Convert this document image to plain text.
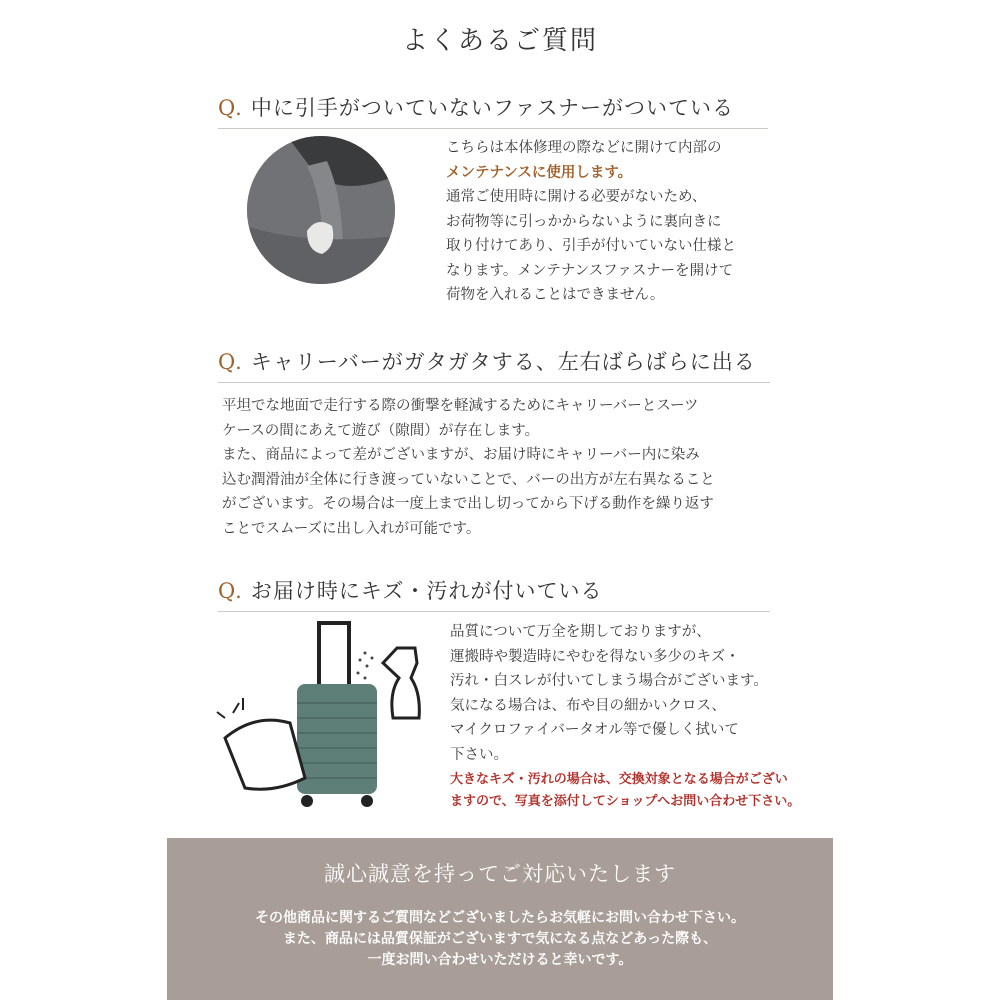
よくあるご質問
Q. 中に引手がついていないファスナーがついている
こちらは本体修理の際などに開けて内部の
メンテナンスに使用します。
通常ご使用時に開ける必要がないため、
お荷物等に引っかからないように裏向きに
取り付けてあり、引手が付いていない仕様と
なります。メンテナンスファスナーを開けて
荷物を入れることはできません。
Q. キャリーバーがガタガタする、左右ばらばらに出る
平坦でな地面で走行する際の衝撃を軽減するためにキャリーバーとスーツ
ケースの間にあえて遊び（隙間）が存在します。
また、商品によって差がございますが、お届け時にキャリーバー内に染み
込む潤滑油が全体に行き渡っていないことで、バーの出方が左右異なること
がございます。その場合は一度上まで出し切ってから下げる動作を繰り返す
ことでスムーズに出し入れが可能です。
Q. お届け時にキズ・汚れが付いている
品質について万全を期しておりますが、
運搬時や製造時にやむを得ない多少のキズ・
汚れ・白スレが付いてしまう場合がございます。
気になる場合は、布や目の細かいクロス、
マイクロファイバータオル等で優しく拭いて
下さい。
大きなキズ・汚れの場合は、交換対象となる場合がござい
ますので、写真を添付してショップへお問い合わせ下さい。
誠心誠意を持ってご対応いたします
その他商品に関するご質問などございましたらお気軽にお問い合わせ下さい。
また、商品には品質保証がございますで気になる点などあった際も、
一度お問い合わせいただけると幸いです。
